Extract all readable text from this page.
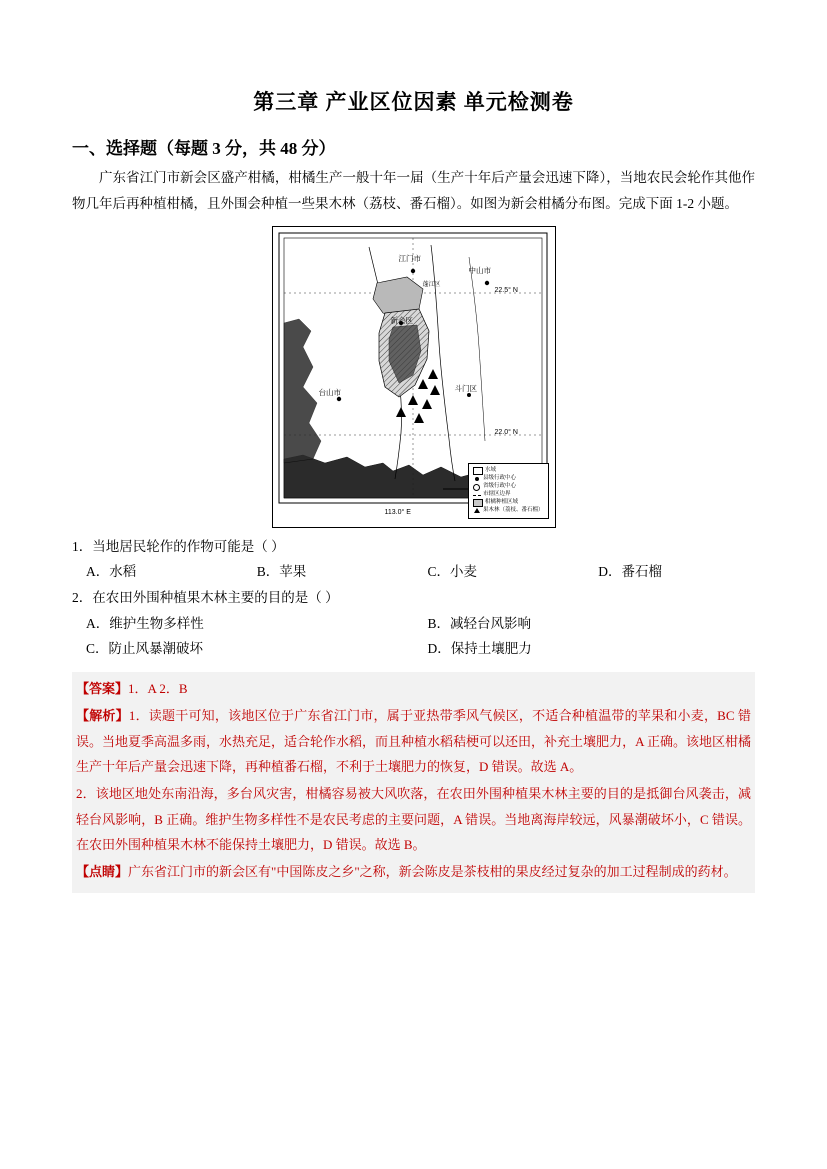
第三章 产业区位因素 单元检测卷
一、选择题（每题 3 分，共 48 分）

广东省江门市新会区盛产柑橘，柑橘生产一般十年一届（生产十年后产量会迅速下降），当地农民会轮作其他作物几年后再种植柑橘，且外围会种植一些果木林（荔枝、番石榴）。如图为新会柑橘分布图。完成下面 1-2 小题。

江门市
中山市
新会区
斗门区
台山市
蓬江区
22.5° N
22.0° N
113.0° E
水域
县级行政中心
省级行政中心
市辖区边界
柑橘种植区域
果木林（荔枝、番石榴）
1．当地居民轮作的作物可能是（ ）
A．水稻	B．苹果	C．小麦	D．番石榴
2．在农田外围种植果木林主要的目的是（ ）
A．维护生物多样性	B．减轻台风影响
C．防止风暴潮破坏	D．保持土壤肥力

【答案】1．A 2．B

【解析】1．读题干可知，该地区位于广东省江门市，属于亚热带季风气候区，不适合种植温带的苹果和小麦，BC 错误。当地夏季高温多雨，水热充足，适合轮作水稻，而且种植水稻秸梗可以还田，补充土壤肥力，A 正确。该地区柑橘生产十年后产量会迅速下降，再种植番石榴，不利于土壤肥力的恢复，D 错误。故选 A。

2．该地区地处东南沿海，多台风灾害，柑橘容易被大风吹落，在农田外围种植果木林主要的目的是抵御台风袭击，减轻台风影响，B 正确。维护生物多样性不是农民考虑的主要问题，A 错误。当地离海岸较远，风暴潮破坏小，C 错误。在农田外围种植果木林不能保持土壤肥力，D 错误。故选 B。

【点睛】广东省江门市的新会区有"中国陈皮之乡"之称，新会陈皮是茶枝柑的果皮经过复杂的加工过程制成的药材。
